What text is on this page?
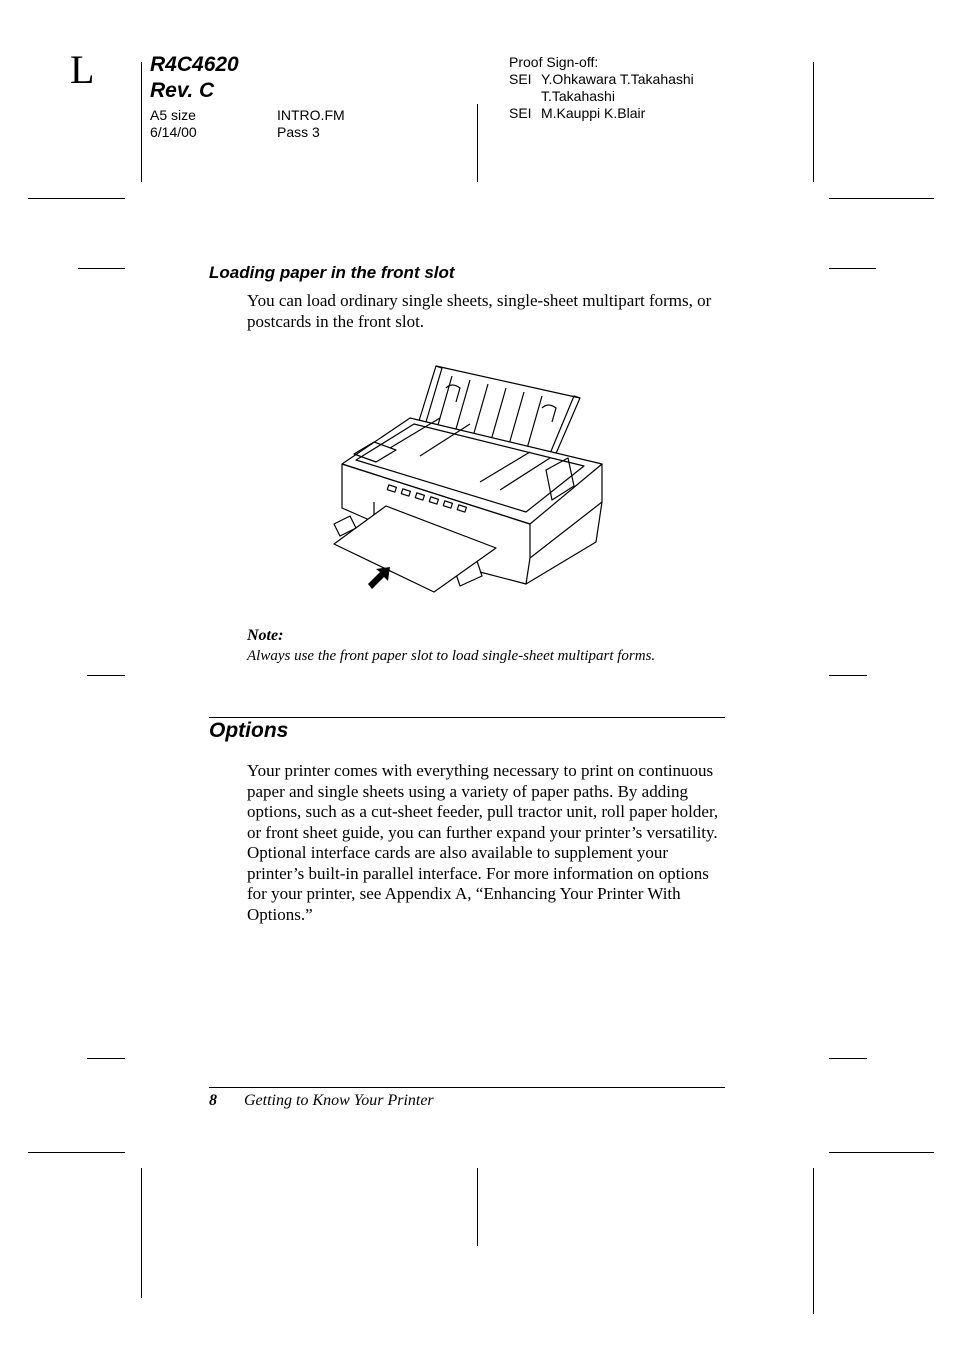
L	R4C4620
Rev. C
A5 size
6/14/00
INTRO.FM
Pass 3
Proof Sign-off:
SEI Y.Ohkawara T.Takahashi
T.Takahashi
SEI M.Kauppi K.Blair
Loading paper in the front slot
You can load ordinary single sheets, single-sheet multipart forms, or postcards in the front slot.
Note:
Always use the front paper slot to load single-sheet multipart forms.
Options
Your printer comes with everything necessary to print on continuous paper and single sheets using a variety of paper paths. By adding options, such as a cut-sheet feeder, pull tractor unit, roll paper holder, or front sheet guide, you can further expand your printer’s versatility. Optional interface cards are also available to supplement your printer’s built-in parallel interface. For more information on options for your printer, see Appendix A, “Enhancing Your Printer With Options.”
8 Getting to Know Your Printer
